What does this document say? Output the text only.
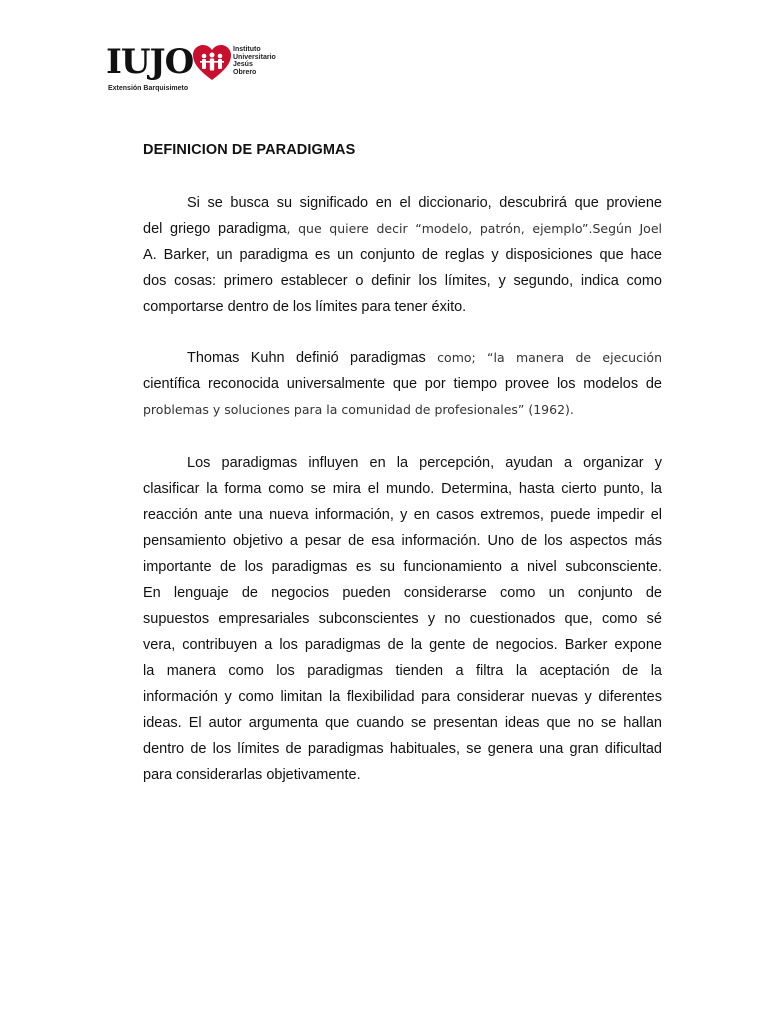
IUJO	Instituto
Universitario
Jesús
Obrero
Extensión Barquisimeto
DEFINICION DE PARADIGMAS

Si se busca su significado en el diccionario, descubrirá que proviene
del griego paradigma, que quiere decir “modelo, patrón, ejemplo”.Según Joel
A. Barker, un paradigma es un conjunto de reglas y disposiciones que hace
dos cosas: primero establecer o definir los límites, y segundo, indica como
comportarse dentro de los límites para tener éxito.

Thomas Kuhn definió paradigmas como; “la manera de ejecución
científica reconocida universalmente que por tiempo provee los modelos de
problemas y soluciones para la comunidad de profesionales” (1962).

Los paradigmas influyen en la percepción, ayudan a organizar y
clasificar la forma como se mira el mundo. Determina, hasta cierto punto, la
reacción ante una nueva información, y en casos extremos, puede impedir el
pensamiento objetivo a pesar de esa información. Uno de los aspectos más
importante de los paradigmas es su funcionamiento a nivel subconsciente.
En lenguaje de negocios pueden considerarse como un conjunto de
supuestos empresariales subconscientes y no cuestionados que, como sé
vera, contribuyen a los paradigmas de la gente de negocios. Barker expone
la manera como los paradigmas tienden a filtra la aceptación de la
información y como limitan la flexibilidad para considerar nuevas y diferentes
ideas. El autor argumenta que cuando se presentan ideas que no se hallan
dentro de los límites de paradigmas habituales, se genera una gran dificultad
para considerarlas objetivamente.
